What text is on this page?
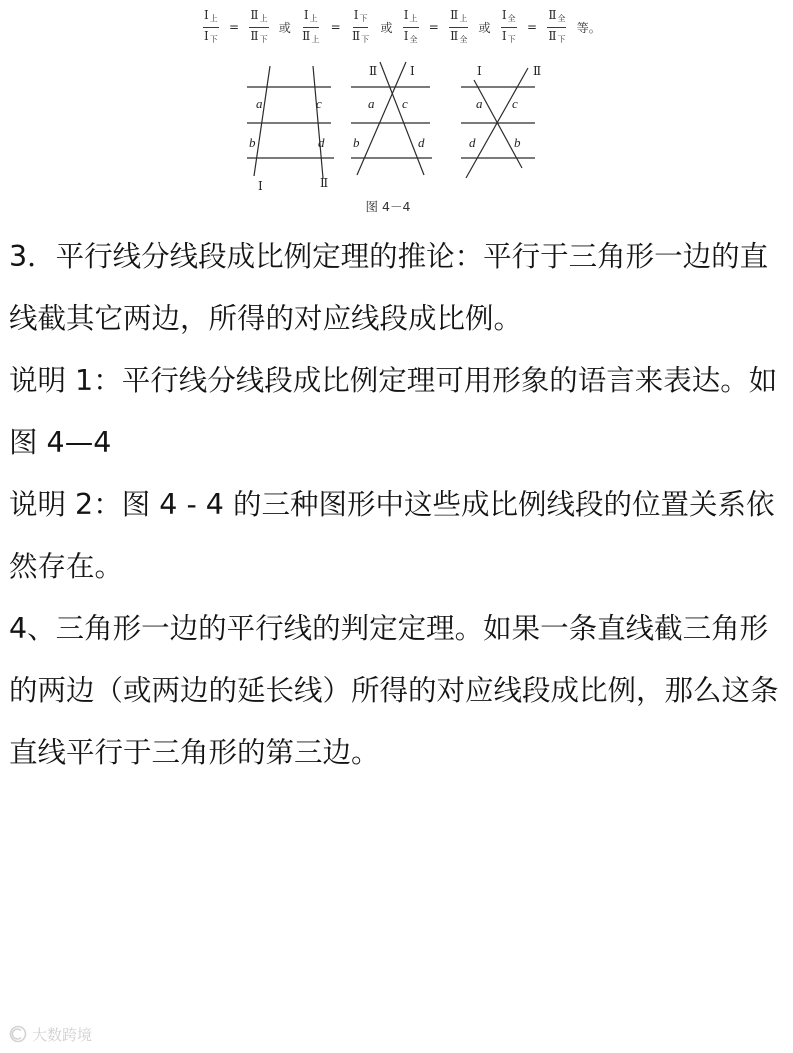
a	c
b	d
Ⅰ	Ⅱ
Ⅱ	Ⅰ
a c
b	d
Ⅰ	Ⅱ
a c
d	b
图 4－4
$\frac{\text{Ⅰ上}}{\text{Ⅰ下}} = \frac{\text{Ⅱ上}}{\text{Ⅱ下}}$ 或 $\frac{\text{Ⅰ上}}{\text{Ⅱ上}} = \frac{\text{Ⅰ下}}{\text{Ⅱ下}}$ 或 $\frac{\text{Ⅰ上}}{\text{Ⅰ全}} = \frac{\text{Ⅱ上}}{\text{Ⅱ全}}$ 或 $\frac{\text{Ⅰ全}}{\text{Ⅰ下}} = \frac{\text{Ⅱ全}}{\text{Ⅱ下}}$ 等。

3．平行线分线段成比例定理的推论：平行于三角形一边的直
线截其它两边，所得的对应线段成比例。

说明 1：平行线分线段成比例定理可用形象的语言来表达。如
图 4—4

说明 2：图 4 - 4 的三种图形中这些成比例线段的位置关系依
然存在。

4、三角形一边的平行线的判定定理。如果一条直线截三角形
的两边（或两边的延长线）所得的对应线段成比例，那么这条
直线平行于三角形的第三边。

大数跨境
